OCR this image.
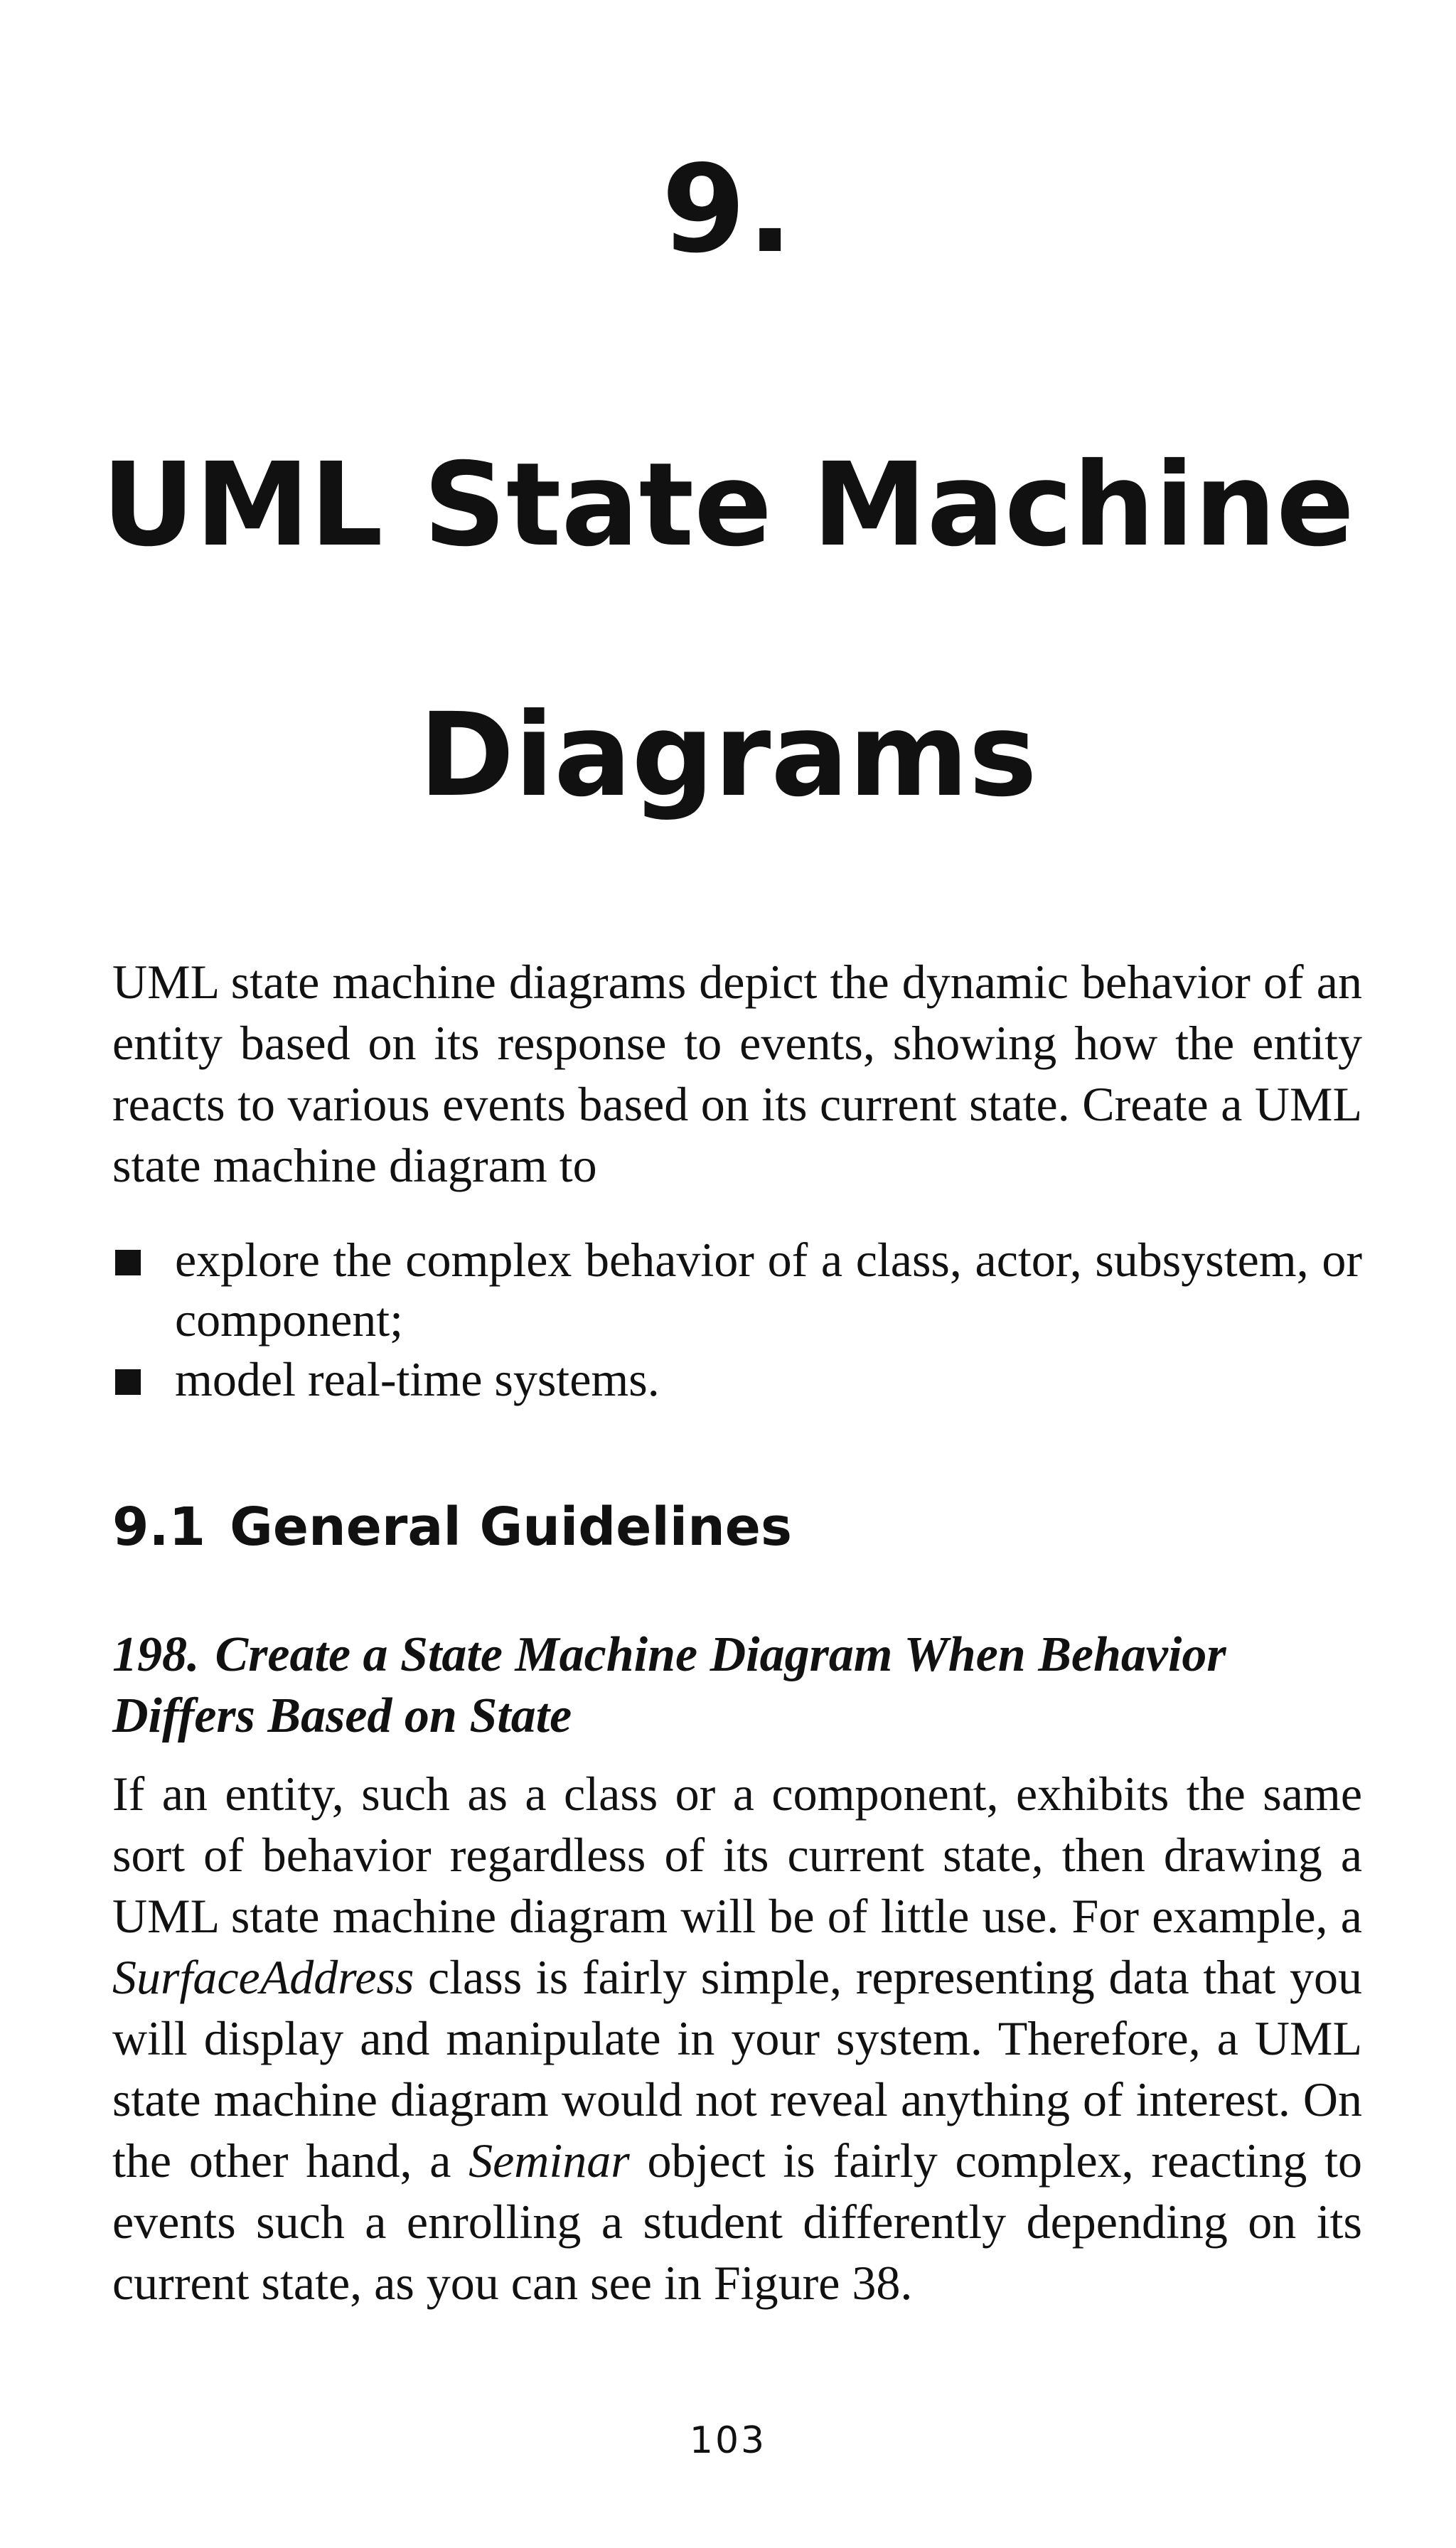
9.
UML State Machine Diagrams

UML state machine diagrams depict the dynamic behavior of an entity based on its response to events, showing how the entity reacts to various events based on its current state. Create a UML state machine diagram to

explore the complex behavior of a class, actor, subsystem, or component;
model real-time systems.
9.1 General Guidelines

198. Create a State Machine Diagram When Behavior Differs Based on State

If an entity, such as a class or a component, exhibits the same sort of behavior regardless of its current state, then drawing a UML state machine diagram will be of little use. For example, a SurfaceAddress class is fairly simple, representing data that you will display and manipulate in your system. Therefore, a UML state machine diagram would not reveal anything of interest. On the other hand, a Seminar object is fairly complex, reacting to events such a enrolling a student differently depending on its current state, as you can see in Figure 38.

103
